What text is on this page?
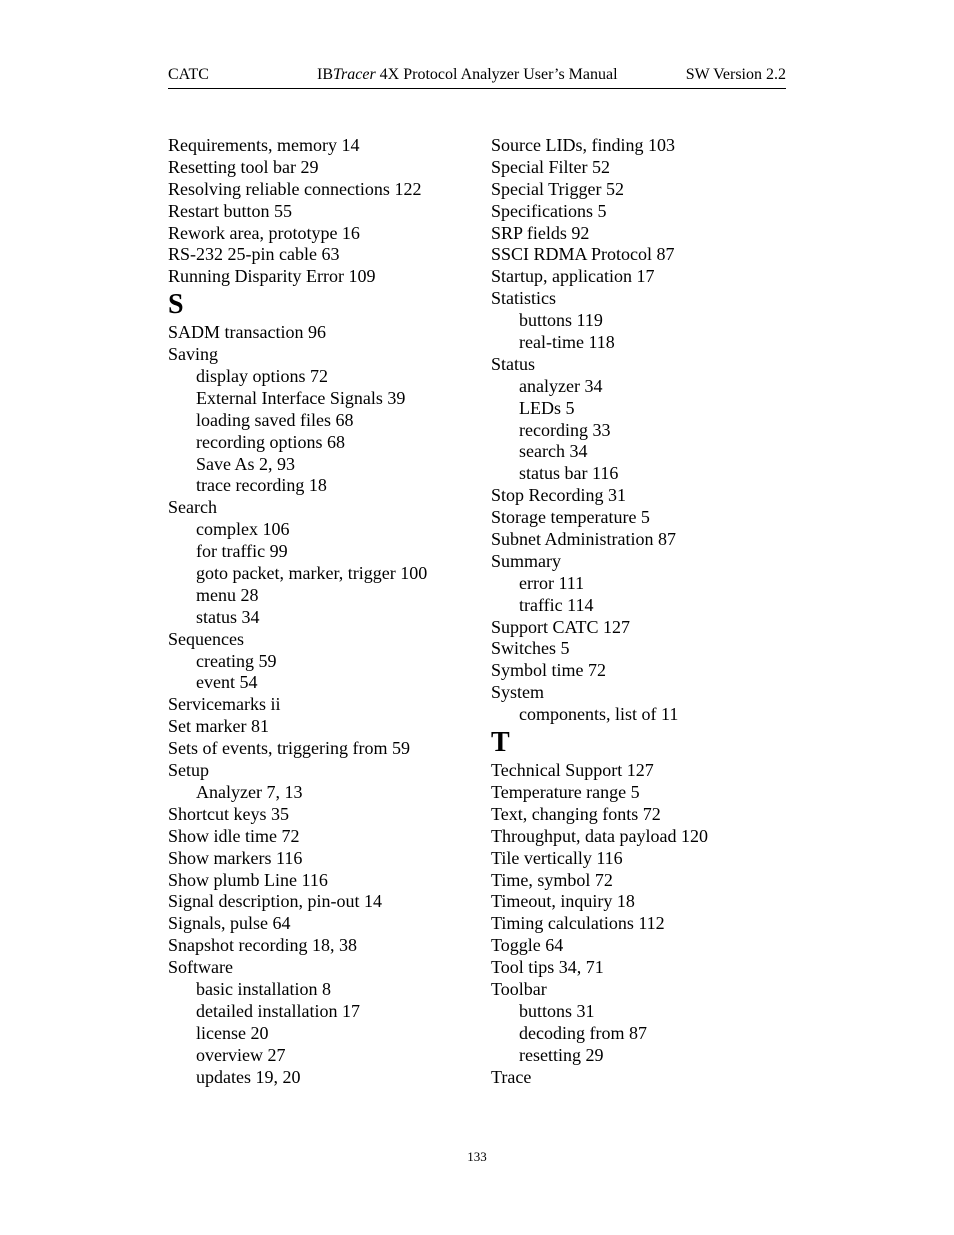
CATC	IBTracer 4X Protocol Analyzer User’s Manual	SW Version 2.2
Requirements, memory 14
Resetting tool bar 29
Resolving reliable connections 122
Restart button 55
Rework area, prototype 16
RS-232 25-pin cable 63
Running Disparity Error 109
S
SADM transaction 96
Saving
display options 72
External Interface Signals 39
loading saved files 68
recording options 68
Save As 2, 93
trace recording 18
Search
complex 106
for traffic 99
goto packet, marker, trigger 100
menu 28
status 34
Sequences
creating 59
event 54
Servicemarks ii
Set marker 81
Sets of events, triggering from 59
Setup
Analyzer 7, 13
Shortcut keys 35
Show idle time 72
Show markers 116
Show plumb Line 116
Signal description, pin-out 14
Signals, pulse 64
Snapshot recording 18, 38
Software
basic installation 8
detailed installation 17
license 20
overview 27
updates 19, 20
Source LIDs, finding 103
Special Filter 52
Special Trigger 52
Specifications 5
SRP fields 92
SSCI RDMA Protocol 87
Startup, application 17
Statistics
buttons 119
real-time 118
Status
analyzer 34
LEDs 5
recording 33
search 34
status bar 116
Stop Recording 31
Storage temperature 5
Subnet Administration 87
Summary
error 111
traffic 114
Support CATC 127
Switches 5
Symbol time 72
System
components, list of 11
T
Technical Support 127
Temperature range 5
Text, changing fonts 72
Throughput, data payload 120
Tile vertically 116
Time, symbol 72
Timeout, inquiry 18
Timing calculations 112
Toggle 64
Tool tips 34, 71
Toolbar
buttons 31
decoding from 87
resetting 29
Trace
133
